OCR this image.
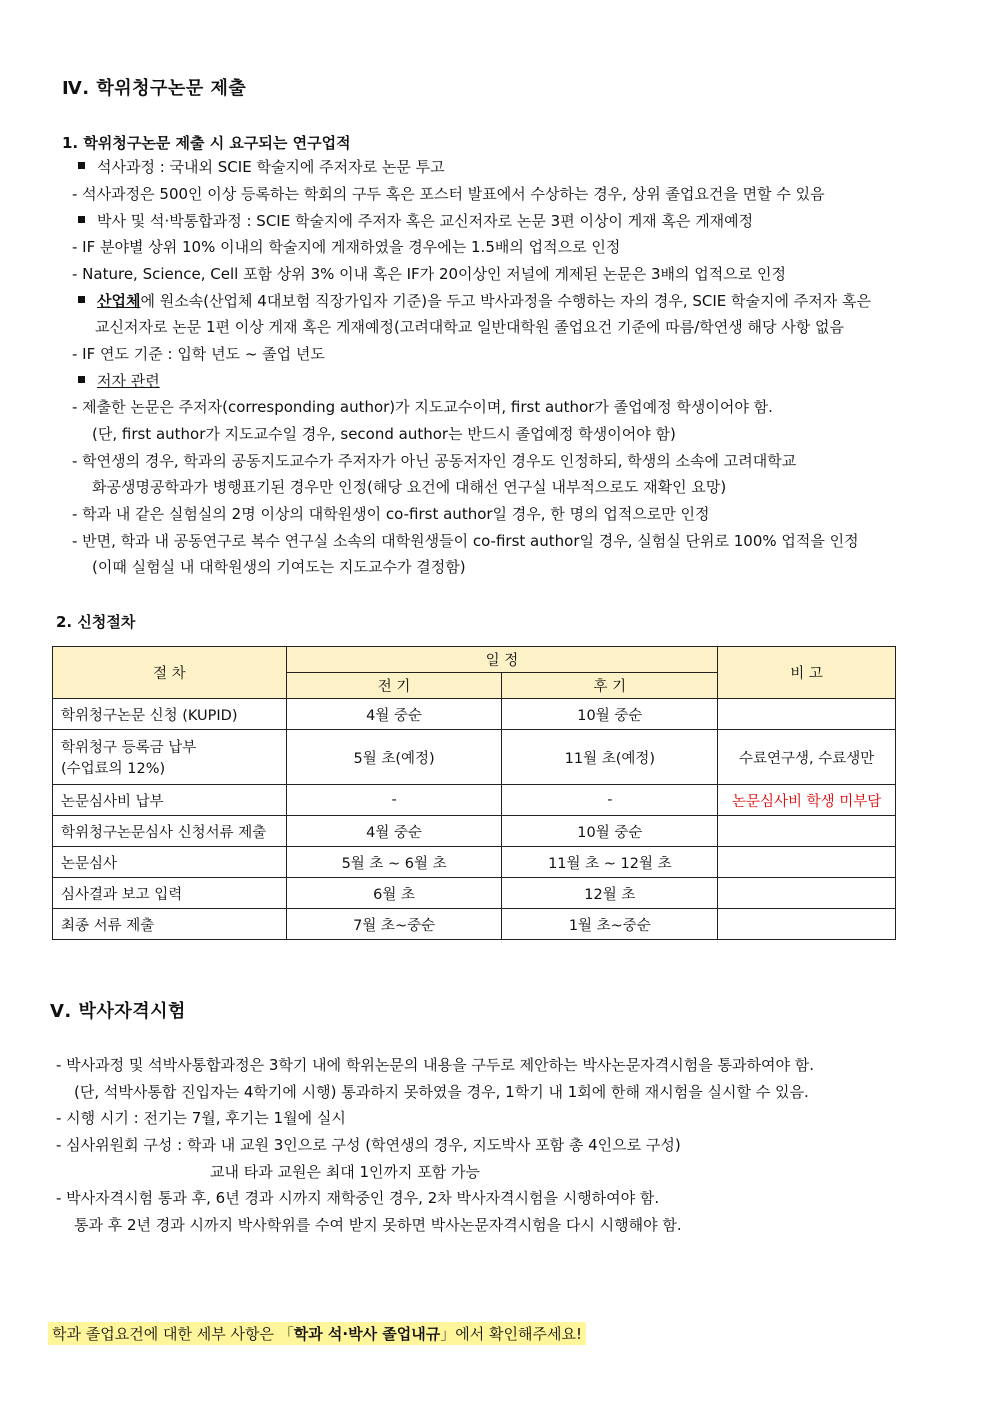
Ⅳ. 학위청구논문 제출
1. 학위청구논문 제출 시 요구되는 연구업적
석사과정 : 국내외 SCIE 학술지에 주저자로 논문 투고
- 석사과정은 500인 이상 등록하는 학회의 구두 혹은 포스터 발표에서 수상하는 경우, 상위 졸업요건을 면할 수 있음
박사 및 석·박통합과정 : SCIE 학술지에 주저자 혹은 교신저자로 논문 3편 이상이 게재 혹은 게재예정
- IF 분야별 상위 10% 이내의 학술지에 게재하였을 경우에는 1.5배의 업적으로 인정
- Nature, Science, Cell 포함 상위 3% 이내 혹은 IF가 20이상인 저널에 게제된 논문은 3배의 업적으로 인정
산업체에 원소속(산업체 4대보험 직장가입자 기준)을 두고 박사과정을 수행하는 자의 경우, SCIE 학술지에 주저자 혹은
교신저자로 논문 1편 이상 게재 혹은 게재예정(고려대학교 일반대학원 졸업요건 기준에 따름/학연생 해당 사항 없음
- IF 연도 기준 : 입학 년도 ~ 졸업 년도
저자 관련
- 제출한 논문은 주저자(corresponding author)가 지도교수이며, first author가 졸업예정 학생이어야 함.
(단, first author가 지도교수일 경우, second author는 반드시 졸업예정 학생이어야 함)
- 학연생의 경우, 학과의 공동지도교수가 주저자가 아닌 공동저자인 경우도 인정하되, 학생의 소속에 고려대학교
화공생명공학과가 병행표기된 경우만 인정(해당 요건에 대해선 연구실 내부적으로도 재확인 요망)
- 학과 내 같은 실험실의 2명 이상의 대학원생이 co-first author일 경우, 한 명의 업적으로만 인정
- 반면, 학과 내 공동연구로 복수 연구실 소속의 대학원생들이 co-first author일 경우, 실험실 단위로 100% 업적을 인정
(이때 실험실 내 대학원생의 기여도는 지도교수가 결정함)
2. 신청절차
절 차	일 정		비 고
	전 기	후 기	
학위청구논문 신청 (KUPID)	4월 중순	10월 중순	

학위청구 등록금 납부
(수업료의 12%)	5월 초(예정)	11월 초(예정)	수료연구생, 수료생만
논문심사비 납부	-	-	논문심사비 학생 미부담
학위청구논문심사 신청서류 제출	4월 중순	10월 중순	
논문심사	5월 초 ~ 6월 초	11월 초 ~ 12월 초	
심사결과 보고 입력	6월 초	12월 초	
최종 서류 제출	7월 초~중순	1월 초~중순	
Ⅴ. 박사자격시험
- 박사과정 및 석박사통합과정은 3학기 내에 학위논문의 내용을 구두로 제안하는 박사논문자격시험을 통과하여야 함.
(단, 석박사통합 진입자는 4학기에 시행) 통과하지 못하였을 경우, 1학기 내 1회에 한해 재시험을 실시할 수 있음.
- 시행 시기 : 전기는 7월, 후기는 1월에 실시
- 심사위원회 구성 : 학과 내 교원 3인으로 구성 (학연생의 경우, 지도박사 포함 총 4인으로 구성)
교내 타과 교원은 최대 1인까지 포함 가능
- 박사자격시험 통과 후, 6년 경과 시까지 재학중인 경우, 2차 박사자격시험을 시행하여야 함.
통과 후 2년 경과 시까지 박사학위를 수여 받지 못하면 박사논문자격시험을 다시 시행해야 함.
학과 졸업요건에 대한 세부 사항은 「학과 석·박사 졸업내규」에서 확인해주세요!
